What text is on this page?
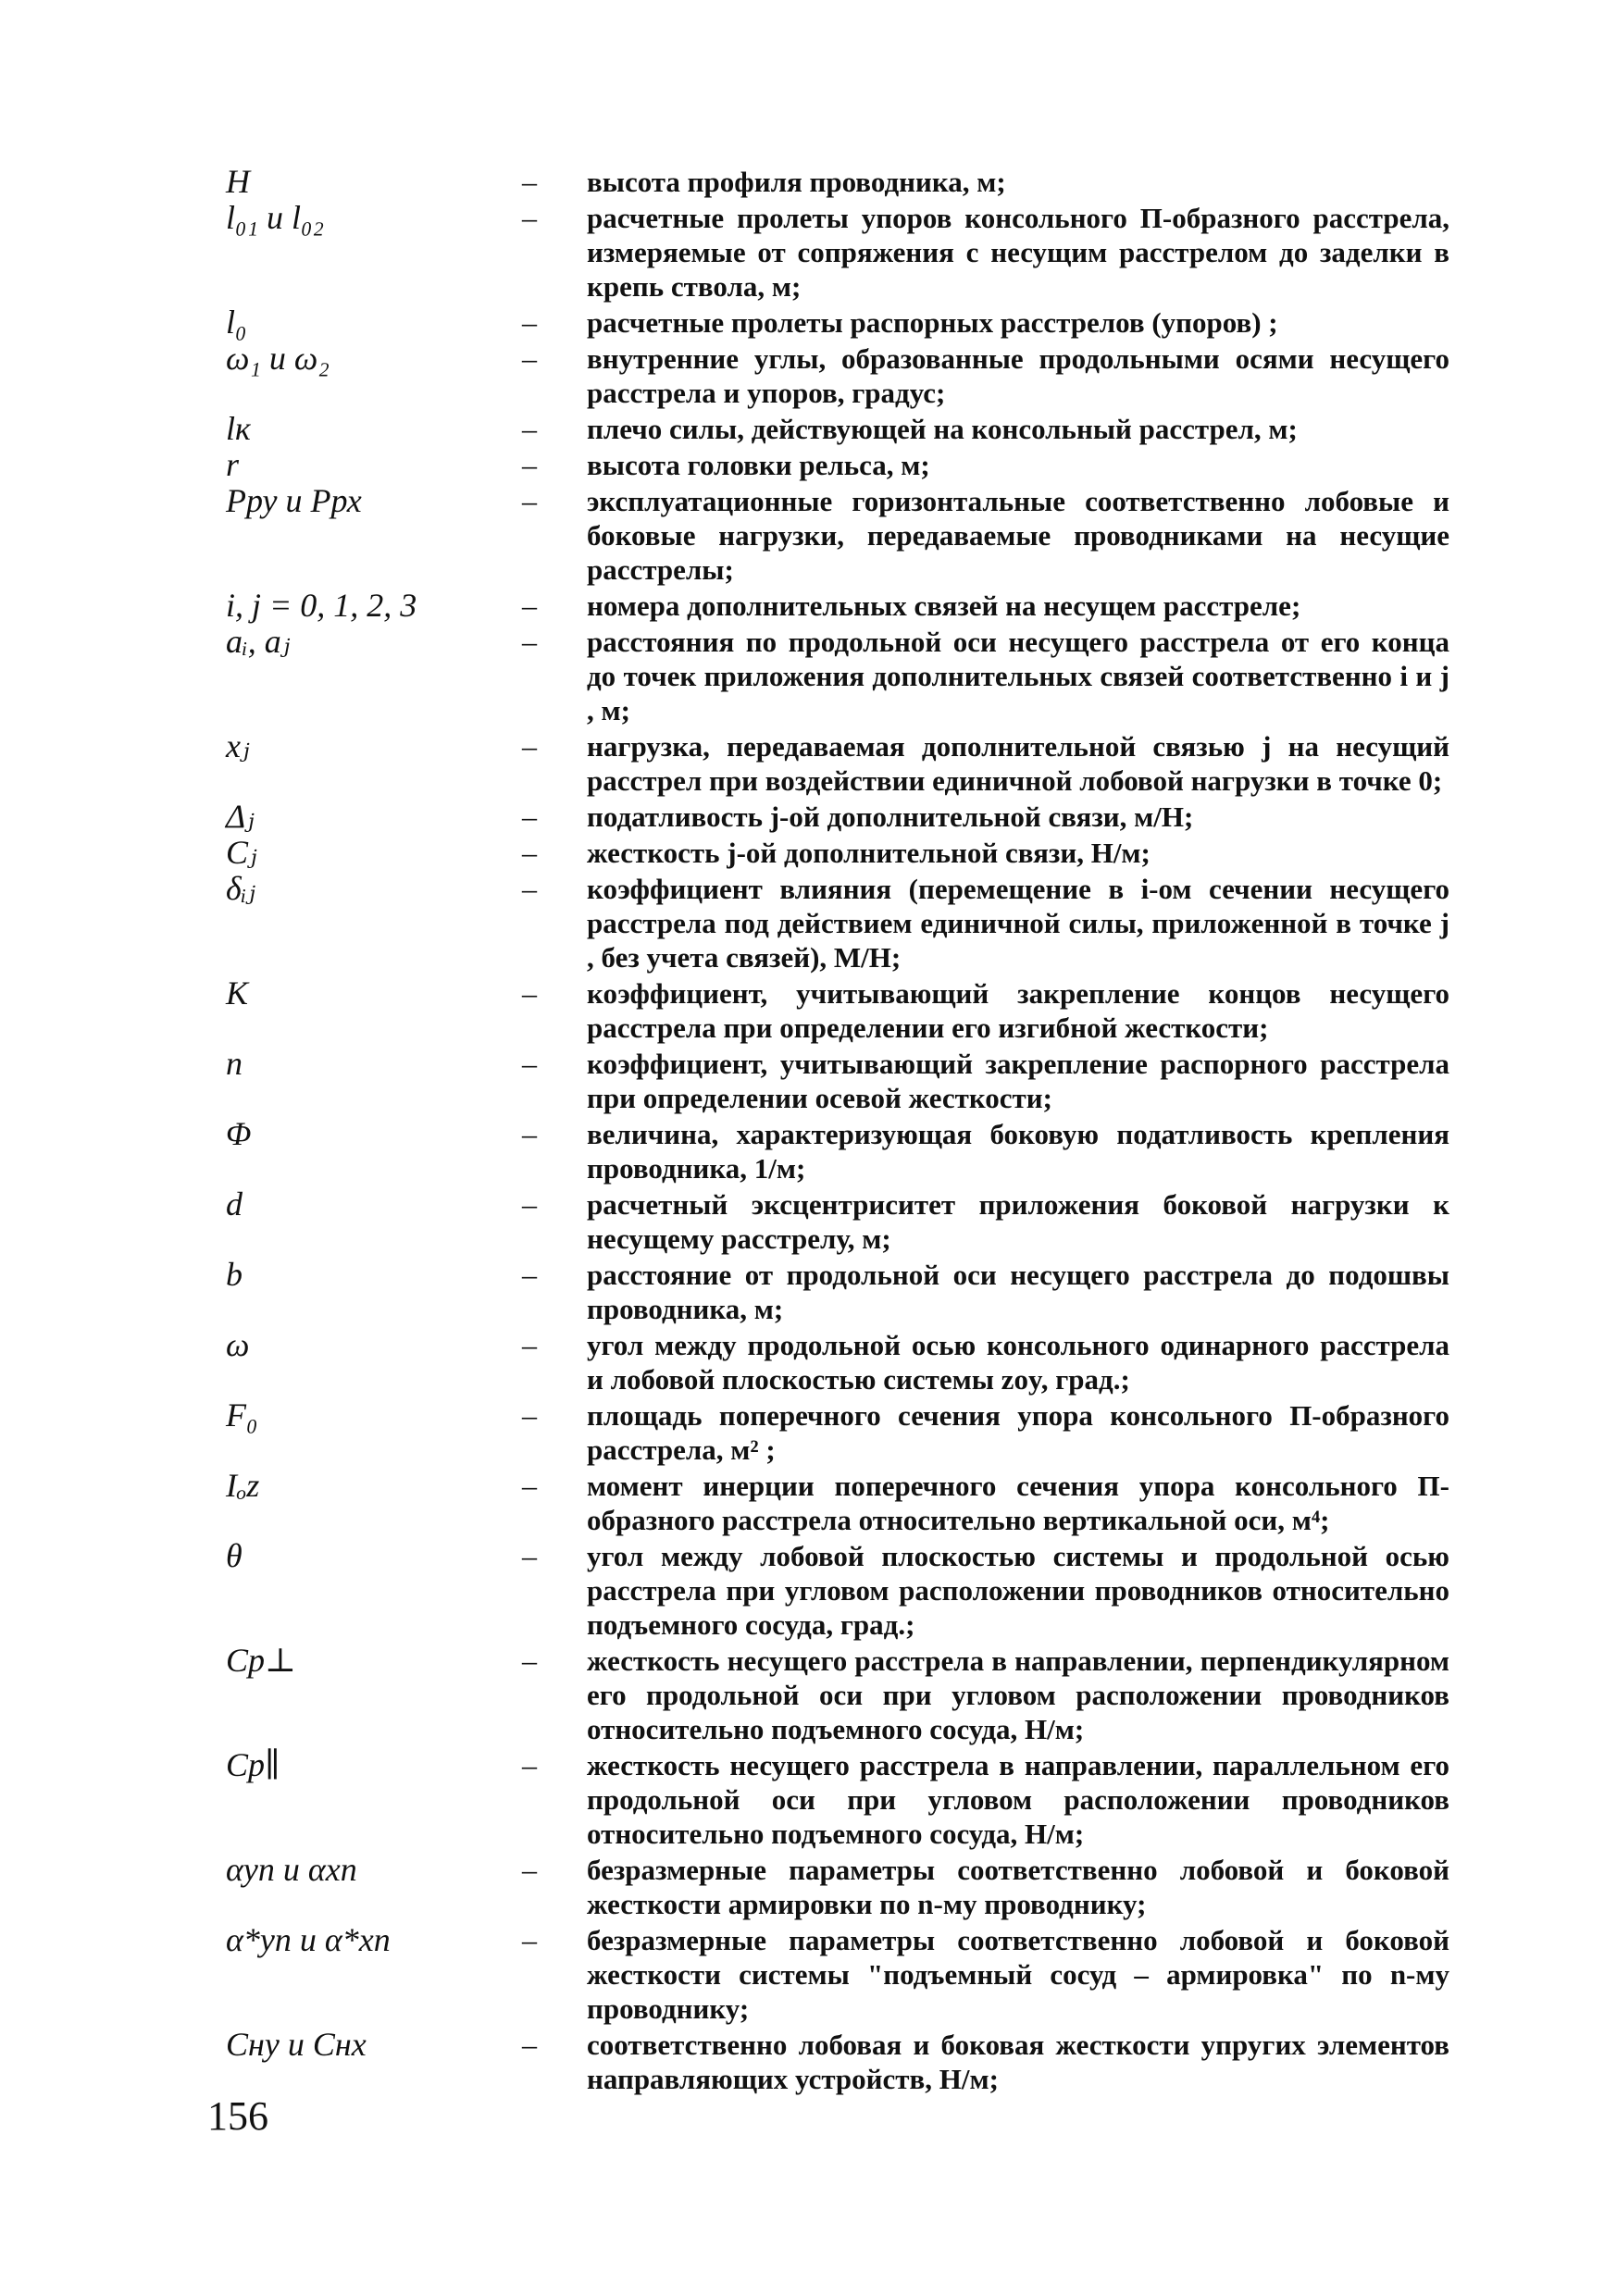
H	–	высота профиля проводника, м;
l₀₁ и l₀₂	–	расчетные пролеты упоров консольного П-образного расстрела, измеряемые от сопряжения с несущим расстрелом до заделки в крепь ствола, м;
l₀	–	расчетные пролеты распорных расстрелов (упоров) ;
ω₁ и ω₂	–	внутренние углы, образованные продольными осями несущего расстрела и упоров, градус;
lк	–	плечо силы, действующей на консольный расстрел, м;
r	–	высота головки рельса, м;
Pру и Pрх	–	эксплуатационные горизонтальные соответственно лобовые и боковые нагрузки, передаваемые проводниками на несущие расстрелы;
i, j = 0, 1, 2, 3	–	номера дополнительных связей на несущем расстреле;
aᵢ, aⱼ	–	расстояния по продольной оси несущего расстрела от его конца до точек приложения дополнительных связей соответственно i и j , м;
xⱼ	–	нагрузка, передаваемая дополнительной связью j на несущий расстрел при воздействии единичной лобовой нагрузки в точке 0;
Δⱼ	–	податливость j-ой дополнительной связи, м/Н;
Cⱼ	–	жесткость j-ой дополнительной связи, Н/м;
δᵢⱼ	–	коэффициент влияния (перемещение в i-ом сечении несущего расстрела под действием единичной силы, приложенной в точке j , без учета связей), М/Н;
K	–	коэффициент, учитывающий закрепление концов несущего расстрела при определении его изгибной жесткости;
n	–	коэффициент, учитывающий закрепление распорного расстрела при определении осевой жесткости;
Φ	–	величина, характеризующая боковую податливость крепления проводника, 1/м;
d	–	расчетный эксцентриситет приложения боковой нагрузки к несущему расстрелу, м;
b	–	расстояние от продольной оси несущего расстрела до подошвы проводника, м;
ω	–	угол между продольной осью консольного одинарного расстрела и лобовой плоскостью системы zoy, град.;
F₀	–	площадь поперечного сечения упора консольного П-образного расстрела, м² ;
Iₒz	–	момент инерции поперечного сечения упора консольного П-образного расстрела относительно вертикальной оси, м⁴;
θ	–	угол между лобовой плоскостью системы и продольной осью расстрела при угловом расположении проводников относительно подъемного сосуда, град.;
Cр⊥	–	жесткость несущего расстрела в направлении, перпендикулярном его продольной оси при угловом расположении проводников относительно подъемного сосуда, Н/м;
Cр∥	–	жесткость несущего расстрела в направлении, параллельном его продольной оси при угловом расположении проводников относительно подъемного сосуда, Н/м;
αyn и αxn	–	безразмерные параметры соответственно лобовой и боковой жесткости армировки по n-му проводнику;
α*yn и α*xn	–	безразмерные параметры соответственно лобовой и боковой жесткости системы "подъемный сосуд – армировка" по n-му проводнику;
Cну и Cнх	–	соответственно лобовая и боковая жесткости упругих элементов направляющих устройств, Н/м;
156
